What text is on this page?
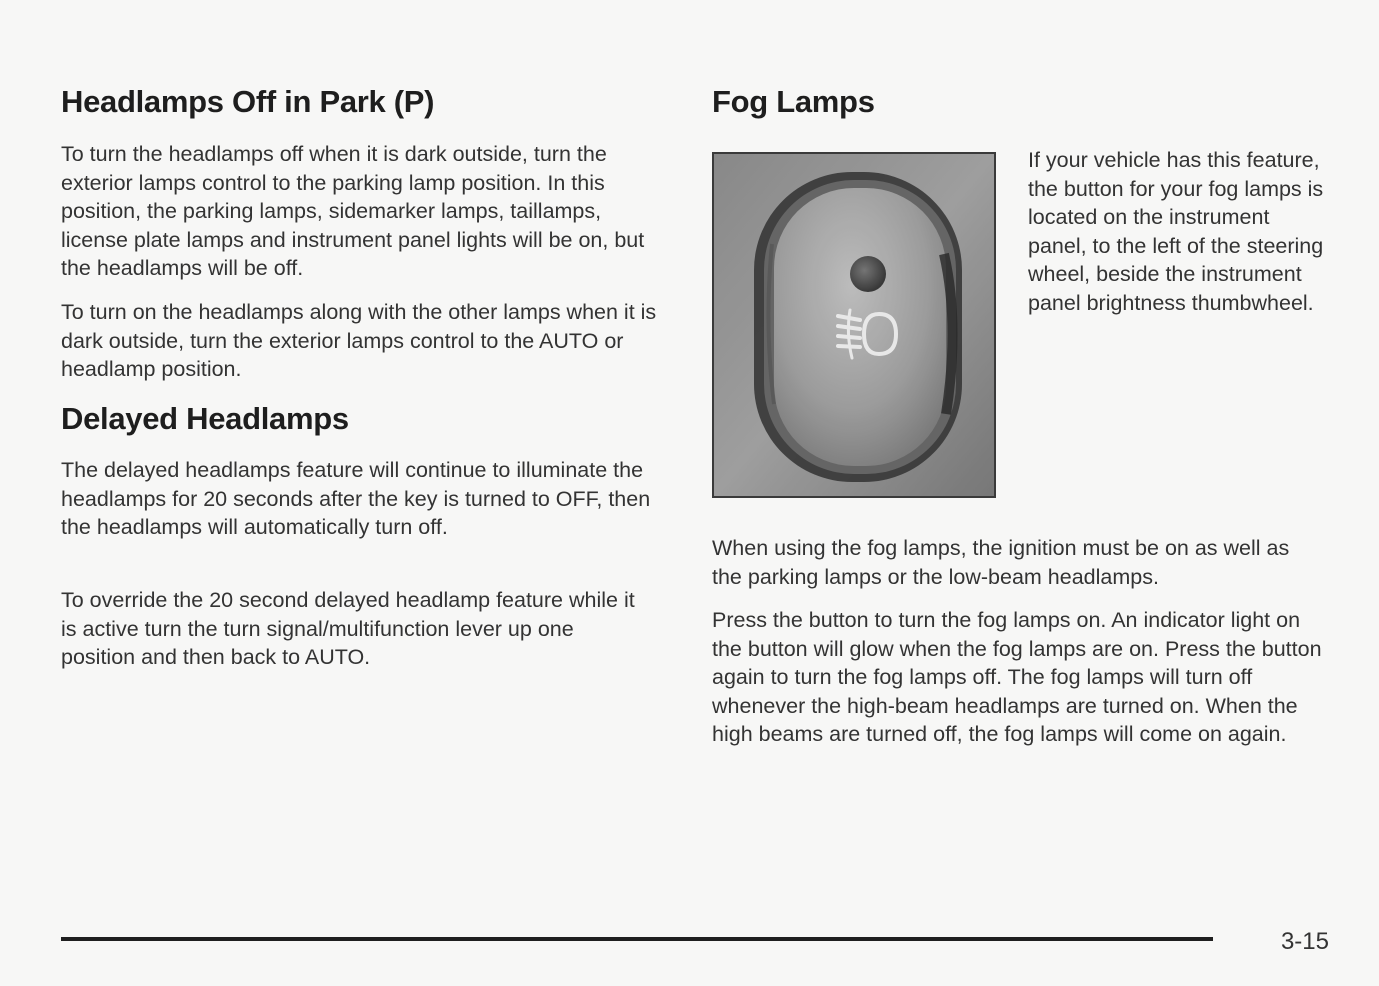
Headlamps Off in Park (P)

To turn the headlamps off when it is dark outside, turn the exterior lamps control to the parking lamp position. In this position, the parking lamps, sidemarker lamps, taillamps, license plate lamps and instrument panel lights will be on, but the headlamps will be off.

To turn on the headlamps along with the other lamps when it is dark outside, turn the exterior lamps control to the AUTO or headlamp position.

Delayed Headlamps

The delayed headlamps feature will continue to illuminate the headlamps for 20 seconds after the key is turned to OFF, then the headlamps will automatically turn off.

To override the 20 second delayed headlamp feature while it is active turn the turn signal/multifunction lever up one position and then back to AUTO.

Fog Lamps

If your vehicle has this feature, the button for your fog lamps is located on the instrument panel, to the left of the steering wheel, beside the instrument panel brightness thumbwheel.

When using the fog lamps, the ignition must be on as well as the parking lamps or the low-beam headlamps.

Press the button to turn the fog lamps on. An indicator light on the button will glow when the fog lamps are on. Press the button again to turn the fog lamps off. The fog lamps will turn off whenever the high-beam headlamps are turned on. When the high beams are turned off, the fog lamps will come on again.

3-15
